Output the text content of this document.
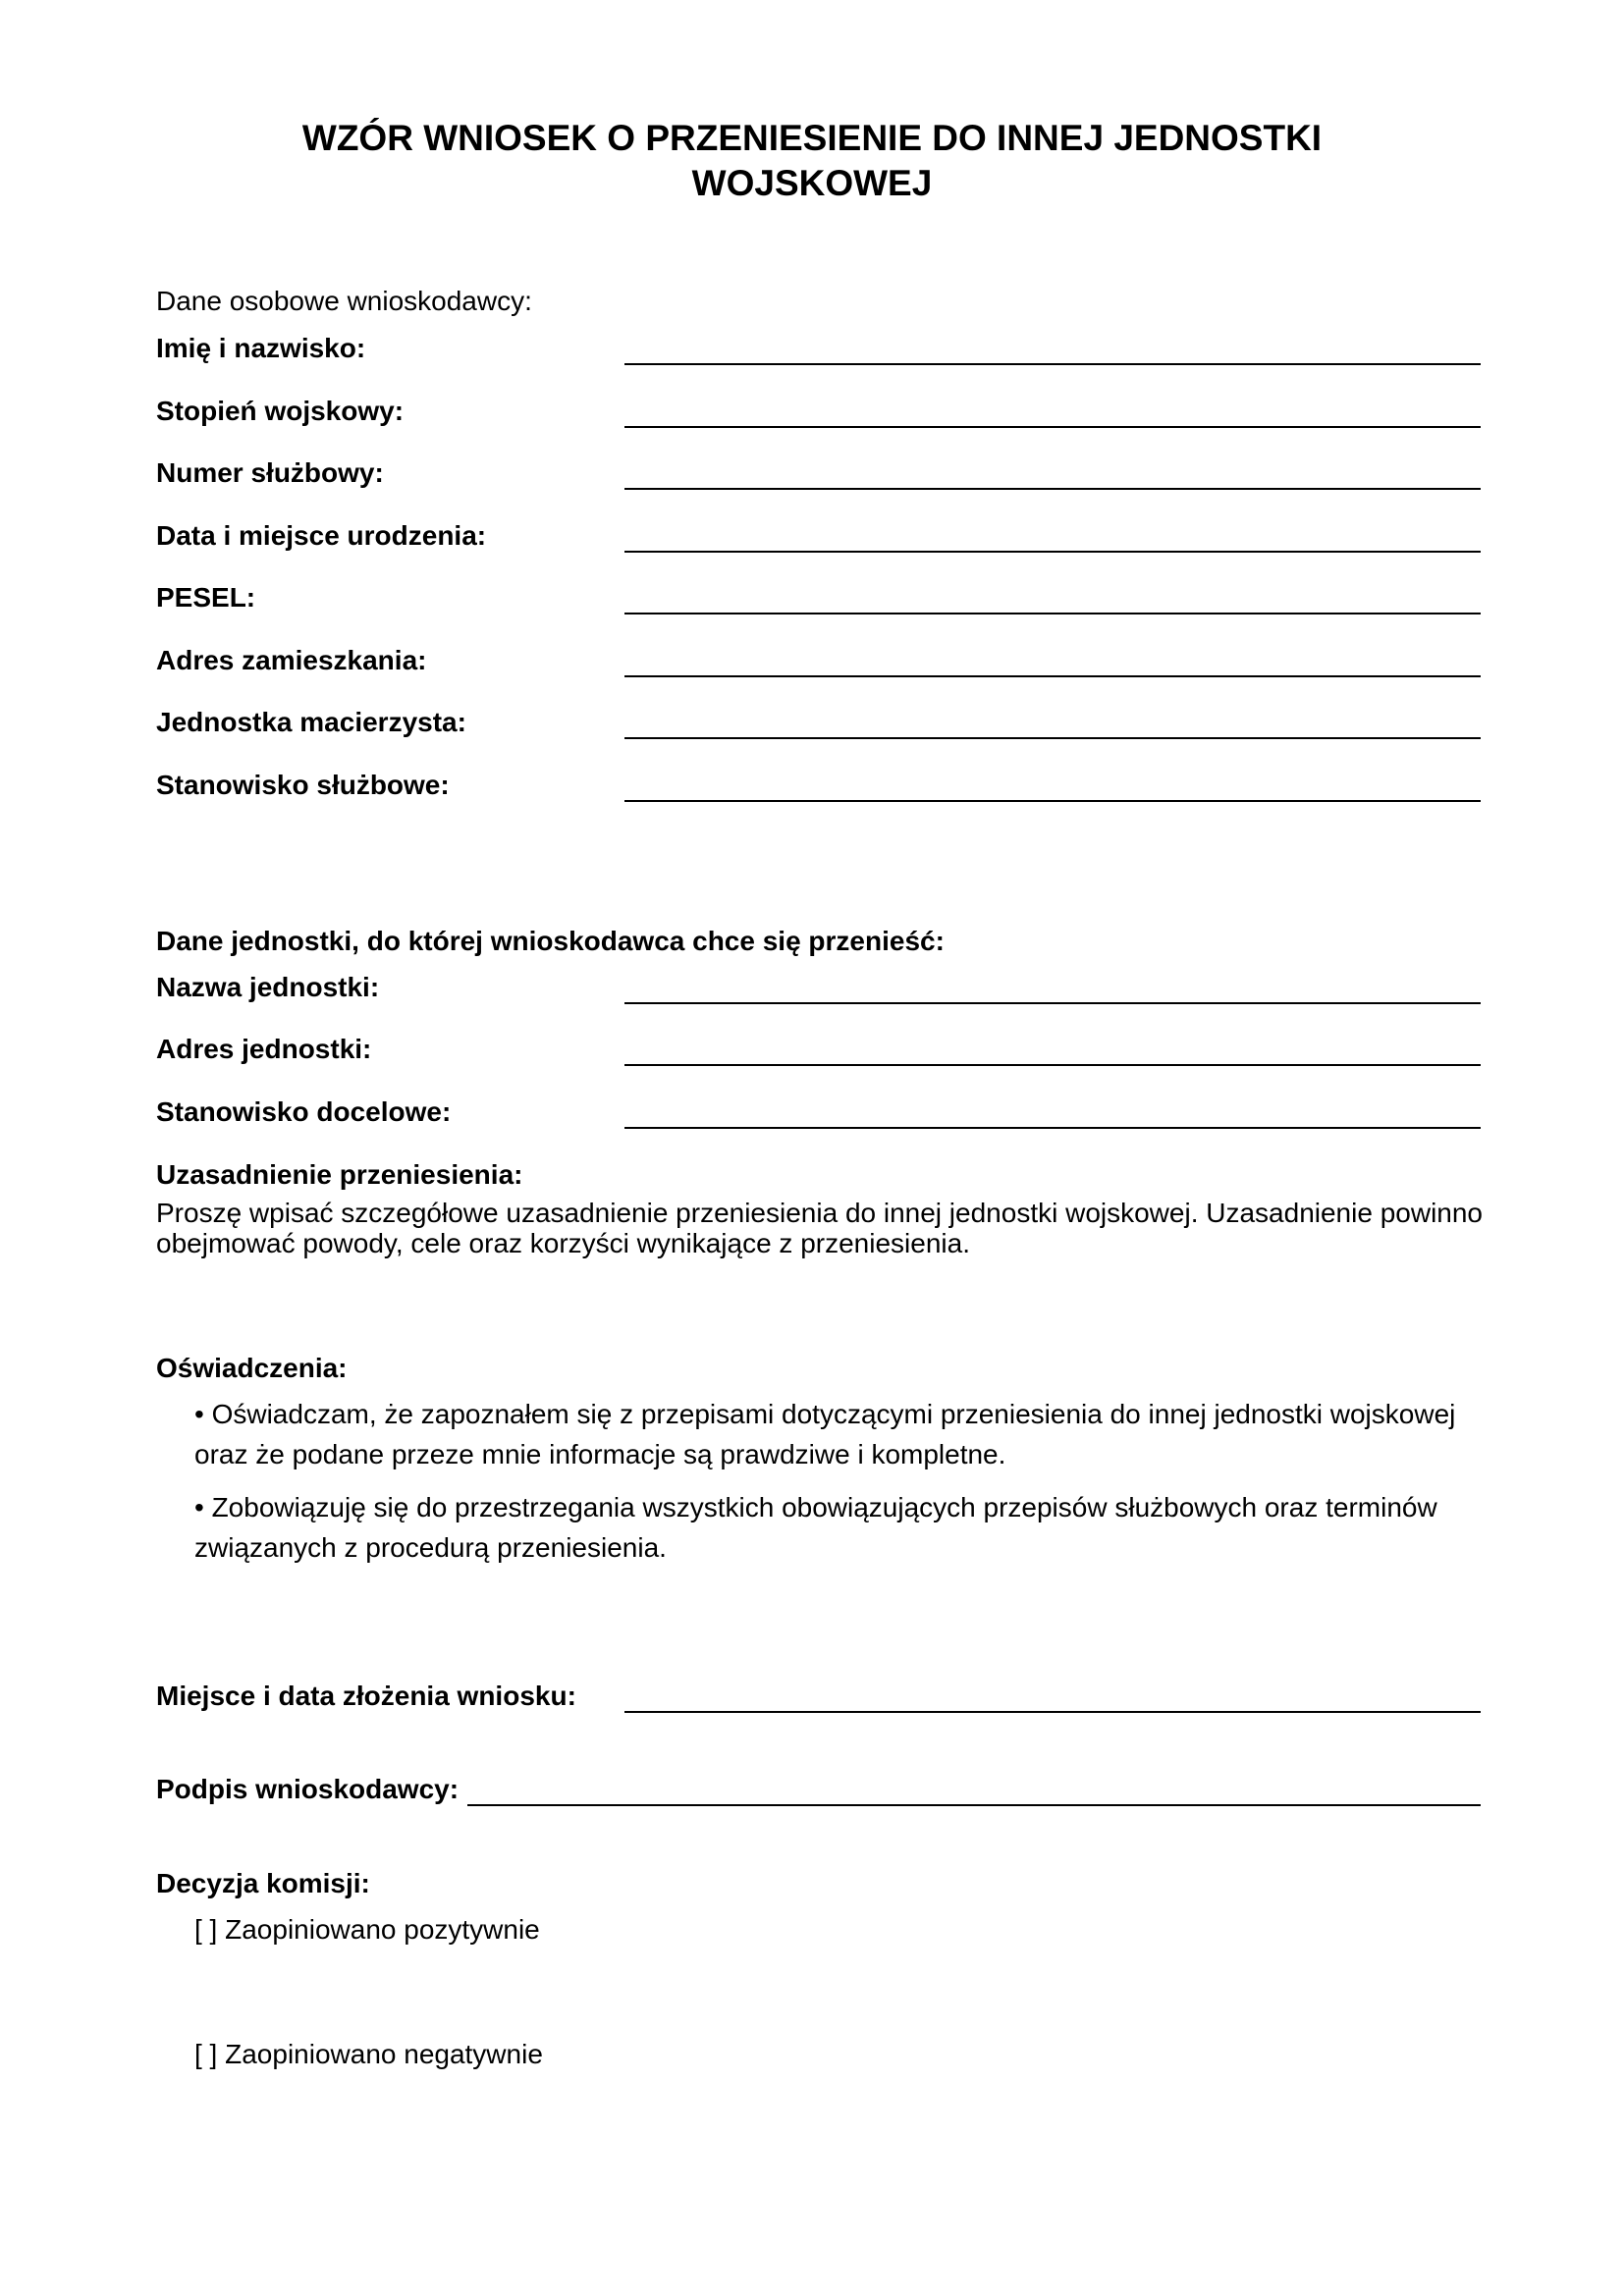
WZÓR WNIOSEK O PRZENIESIENIE DO INNEJ JEDNOSTKI WOJSKOWEJ
Dane osobowe wnioskodawcy:
Imię i nazwisko:
Stopień wojskowy:
Numer służbowy:
Data i miejsce urodzenia:
PESEL:
Adres zamieszkania:
Jednostka macierzysta:
Stanowisko służbowe:
Dane jednostki, do której wnioskodawca chce się przenieść:
Nazwa jednostki:
Adres jednostki:
Stanowisko docelowe:
Uzasadnienie przeniesienia:
Proszę wpisać szczegółowe uzasadnienie przeniesienia do innej jednostki wojskowej. Uzasadnienie powinno obejmować powody, cele oraz korzyści wynikające z przeniesienia.
Oświadczenia:
• Oświadczam, że zapoznałem się z przepisami dotyczącymi przeniesienia do innej jednostki wojskowej oraz że podane przeze mnie informacje są prawdziwe i kompletne.
• Zobowiązuję się do przestrzegania wszystkich obowiązujących przepisów służbowych oraz terminów związanych z procedurą przeniesienia.
Miejsce i data złożenia wniosku:
Podpis wnioskodawcy:
Decyzja komisji:
[ ] Zaopiniowano pozytywnie
[ ] Zaopiniowano negatywnie
